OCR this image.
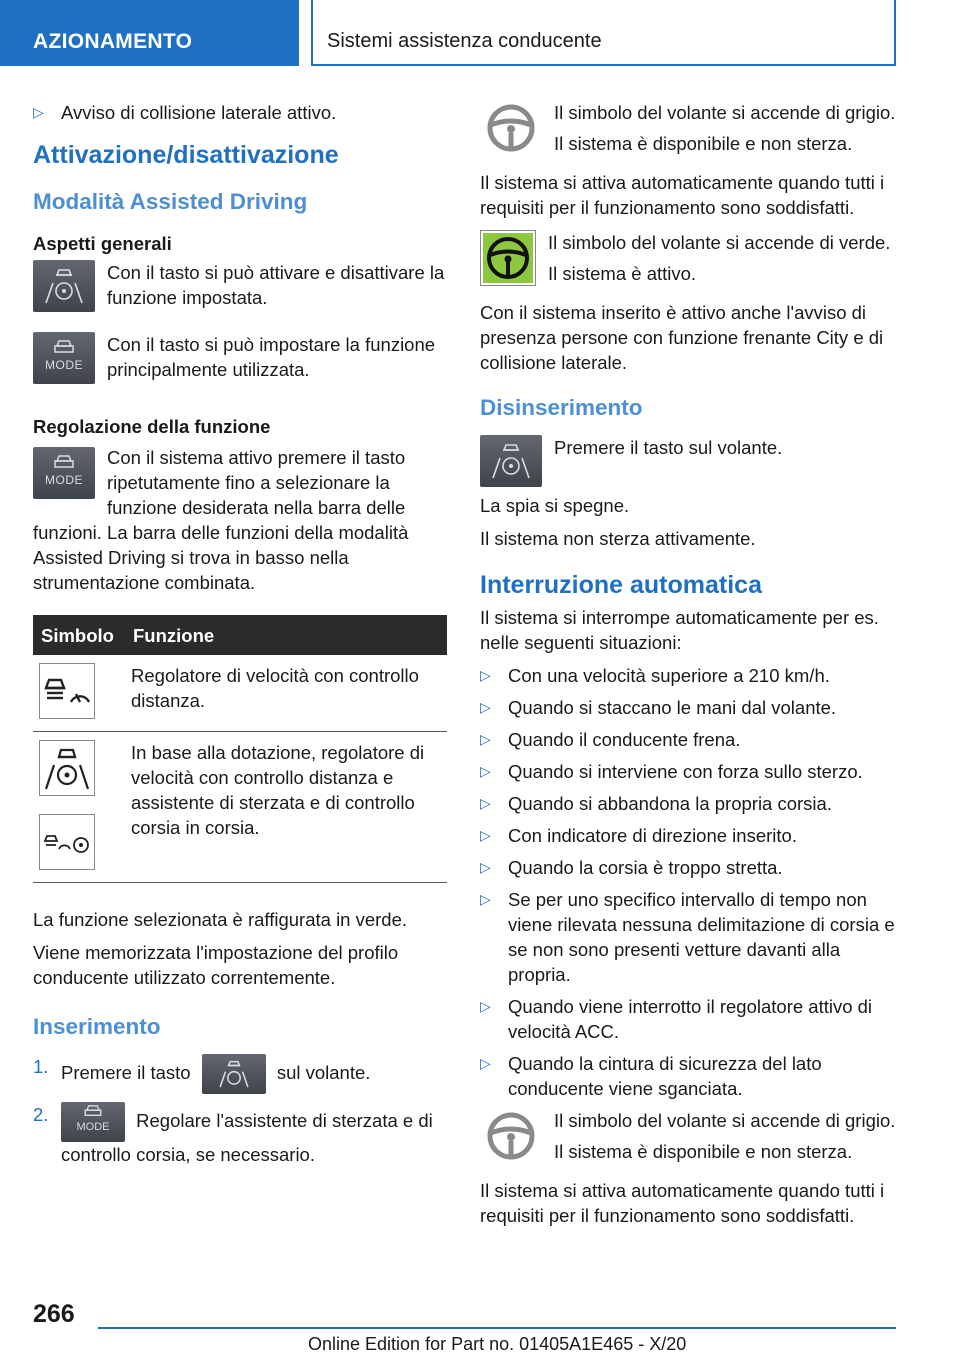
AZIONAMENTO	Sistemi assistenza conducente
▷ Avviso di collisione laterale attivo.
Attivazione/disattivazione
Modalità Assisted Driving
Aspetti generali
Con il tasto si può attivare e disattivare la funzione impostata.
MODE
Con il tasto si può impostare la funzione principalmente utilizzata.
Regolazione della funzione
MODE
Con il sistema attivo premere il tasto ripetutamente fino a selezionare la funzione desiderata nella barra delle funzioni. La barra delle funzioni della modalità Assisted Driving si trova in basso nella strumentazione combinata.
Simbolo	Funzione

	Regolatore di velocità con controllo distanza.

	In base alla dotazione, regolatore di velocità con controllo distanza e assistente di sterzata e di controllo corsia in corsia.

La funzione selezionata è raffigurata in verde.

Viene memorizzata l'impostazione del profilo conducente utilizzato correntemente.

Inserimento
1. Premere il tasto	sul volante.
2.
MODE Regolare l'assistente di sterzata e di controllo corsia, se necessario.

Il simbolo del volante si accende di grigio.

Il sistema è disponibile e non sterza.

Il sistema si attiva automaticamente quando tutti i requisiti per il funzionamento sono soddisfatti.

Il simbolo del volante si accende di verde.

Il sistema è attivo.

Con il sistema inserito è attivo anche l'avviso di presenza persone con funzione frenante City e di collisione laterale.

Disinserimento
Premere il tasto sul volante.

La spia si spegne.

Il sistema non sterza attivamente.

Interruzione automatica

Il sistema si interrompe automaticamente per es. nelle seguenti situazioni:

▷ Con una velocità superiore a 210 km/h.
▷ Quando si staccano le mani dal volante.
▷ Quando il conducente frena.
▷ Quando si interviene con forza sullo sterzo.
▷ Quando si abbandona la propria corsia.
▷ Con indicatore di direzione inserito.
▷ Quando la corsia è troppo stretta.
▷ Se per uno specifico intervallo di tempo non viene rilevata nessuna delimitazione di corsia e se non sono presenti vetture davanti alla propria.
▷ Quando viene interrotto il regolatore attivo di velocità ACC.
▷ Quando la cintura di sicurezza del lato conducente viene sganciata.

Il simbolo del volante si accende di grigio.

Il sistema è disponibile e non sterza.

Il sistema si attiva automaticamente quando tutti i requisiti per il funzionamento sono soddisfatti.

266
Online Edition for Part no. 01405A1E465 - X/20
